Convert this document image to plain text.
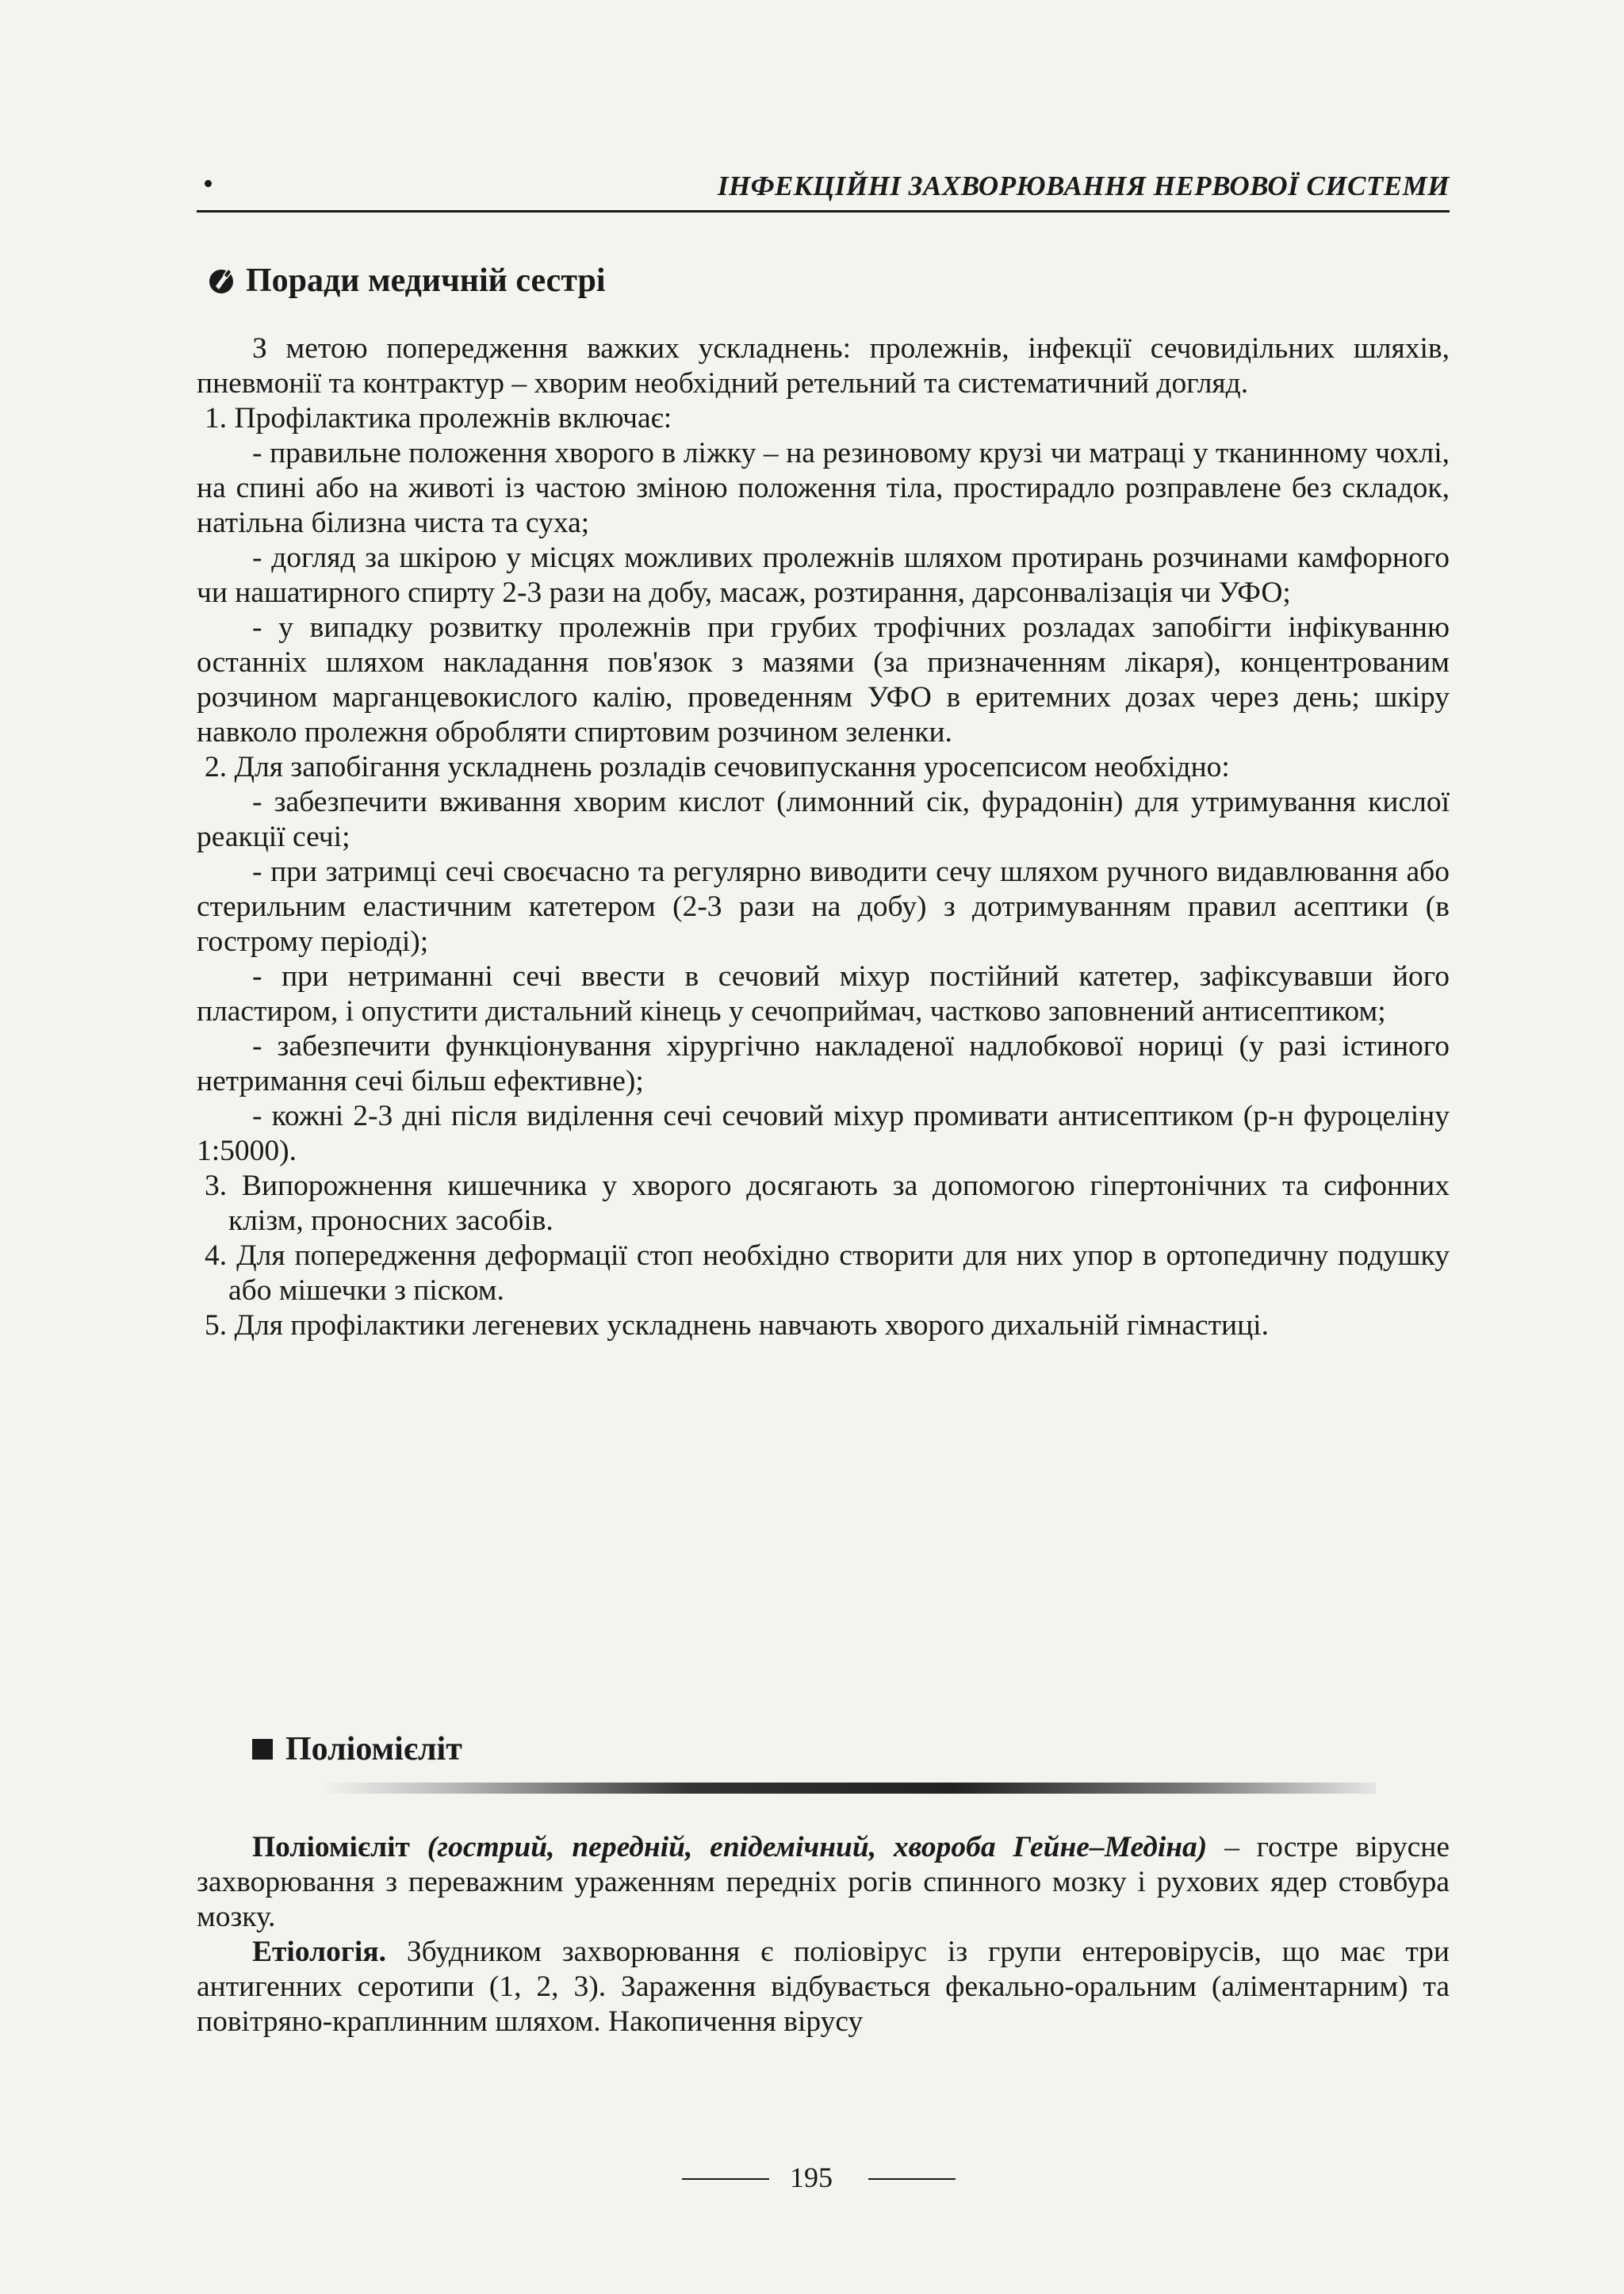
ІНФЕКЦІЙНІ ЗАХВОРЮВАННЯ НЕРВОВОЇ СИСТЕМИ
Поради медичній сестрі

З метою попередження важких ускладнень: пролежнів, інфекції сечовидільних шляхів, пневмонії та контрактур – хворим необхідний ретельний та систематичний догляд.

1. Профілактика пролежнів включає:

- правильне положення хворого в ліжку – на резиновому крузі чи матраці у тканинному чохлі, на спині або на животі із частою зміною положення тіла, простирадло розправлене без складок, натільна білизна чиста та суха;

- догляд за шкірою у місцях можливих пролежнів шляхом протирань розчинами камфорного чи нашатирного спирту 2-3 рази на добу, масаж, розтирання, дарсонвалізація чи УФО;

- у випадку розвитку пролежнів при грубих трофічних розладах запобігти інфікуванню останніх шляхом накладання пов'язок з мазями (за призначенням лікаря), концентрованим розчином марганцевокислого калію, проведенням УФО в еритемних дозах через день; шкіру навколо пролежня обробляти спиртовим розчином зеленки.

2. Для запобігання ускладнень розладів сечовипускання уросепсисом необхідно:

- забезпечити вживання хворим кислот (лимонний сік, фурадонін) для утримування кислої реакції сечі;

- при затримці сечі своєчасно та регулярно виводити сечу шляхом ручного видавлювання або стерильним еластичним катетером (2-3 рази на добу) з дотримуванням правил асептики (в гострому періоді);

- при нетриманні сечі ввести в сечовий міхур постійний катетер, зафіксувавши його пластиром, і опустити дистальний кінець у сечоприймач, частково заповнений антисептиком;

- забезпечити функціонування хірургічно накладеної надлобкової нориці (у разі істиного нетримання сечі більш ефективне);

- кожні 2-3 дні після виділення сечі сечовий міхур промивати антисептиком (р-н фуроцеліну 1:5000).

3. Випорожнення кишечника у хворого досягають за допомогою гіпертонічних та сифонних клізм, проносних засобів.

4. Для попередження деформації стоп необхідно створити для них упор в ортопедичну подушку або мішечки з піском.

5. Для профілактики легеневих ускладнень навчають хворого дихальній гімнастиці.

Поліомієліт

Поліомієліт (гострий, передній, епідемічний, хвороба Гейне–Медіна) – гостре вірусне захворювання з переважним ураженням передніх рогів спинного мозку і рухових ядер стовбура мозку.

Етіологія. Збудником захворювання є поліовірус із групи ентеровірусів, що має три антигенних серотипи (1, 2, 3). Зараження відбувається фекально-оральним (аліментарним) та повітряно-краплинним шляхом. Накопичення вірусу

195
